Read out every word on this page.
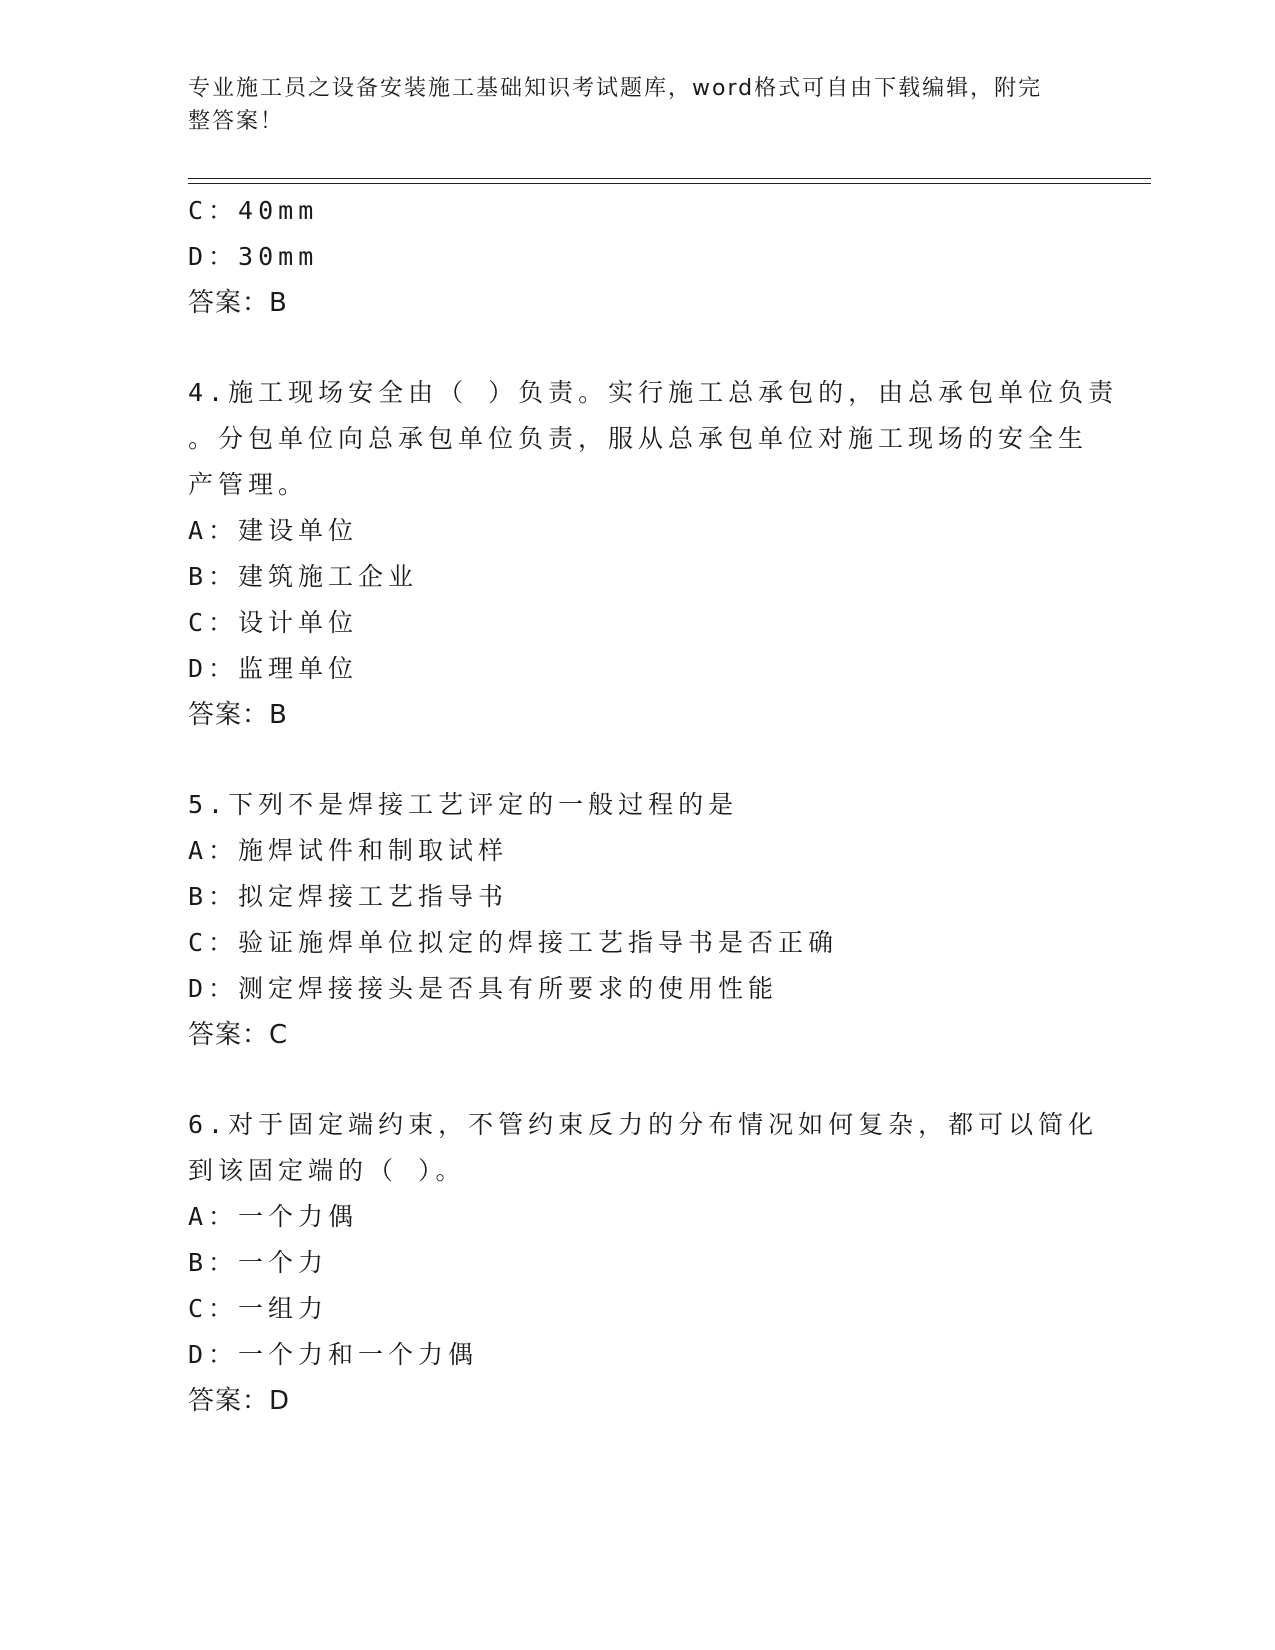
专业施工员之设备安装施工基础知识考试题库，word格式可自由下载编辑，附完
整答案！
C：40mm
D：30mm
答案：B
4.施工现场安全由（ ）负责。实行施工总承包的，由总承包单位负责
。分包单位向总承包单位负责，服从总承包单位对施工现场的安全生
产管理。
A：建设单位
B：建筑施工企业
C：设计单位
D：监理单位
答案：B
5.下列不是焊接工艺评定的一般过程的是
A：施焊试件和制取试样
B：拟定焊接工艺指导书
C：验证施焊单位拟定的焊接工艺指导书是否正确
D：测定焊接接头是否具有所要求的使用性能
答案：C
6.对于固定端约束，不管约束反力的分布情况如何复杂，都可以简化
到该固定端的（ ）。
A：一个力偶
B：一个力
C：一组力
D：一个力和一个力偶
答案：D
